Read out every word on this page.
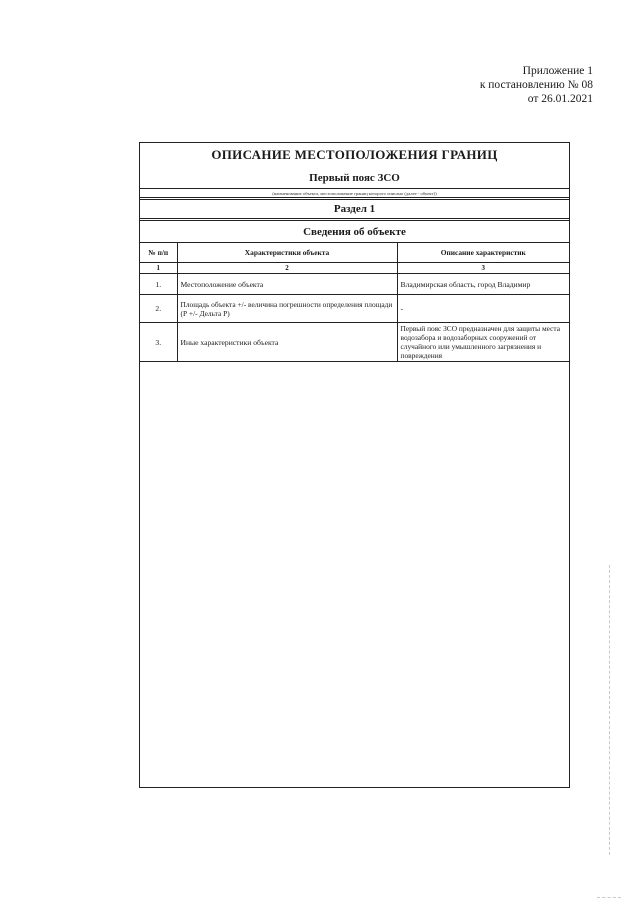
Приложение 1
к постановлению № 08
от 26.01.2021
ОПИСАНИЕ МЕСТОПОЛОЖЕНИЯ ГРАНИЦ
Первый пояс ЗСО
(наименование объекта, местоположение границ которого описано (далее - объект))
Раздел 1
Сведения об объекте
№ п/п	Характеристики объекта	Описание характеристик
1	2	3
1.	Местоположение объекта	Владимирская область, город Владимир
2.	Площадь объекта +/- величина погрешности определения площади (Р +/- Дельта Р)	-
3.	Иные характеристики объекта	Первый пояс ЗСО предназначен для защиты места водозабора и водозаборных сооружений от случайного или умышленного загрязнения и повреждения
